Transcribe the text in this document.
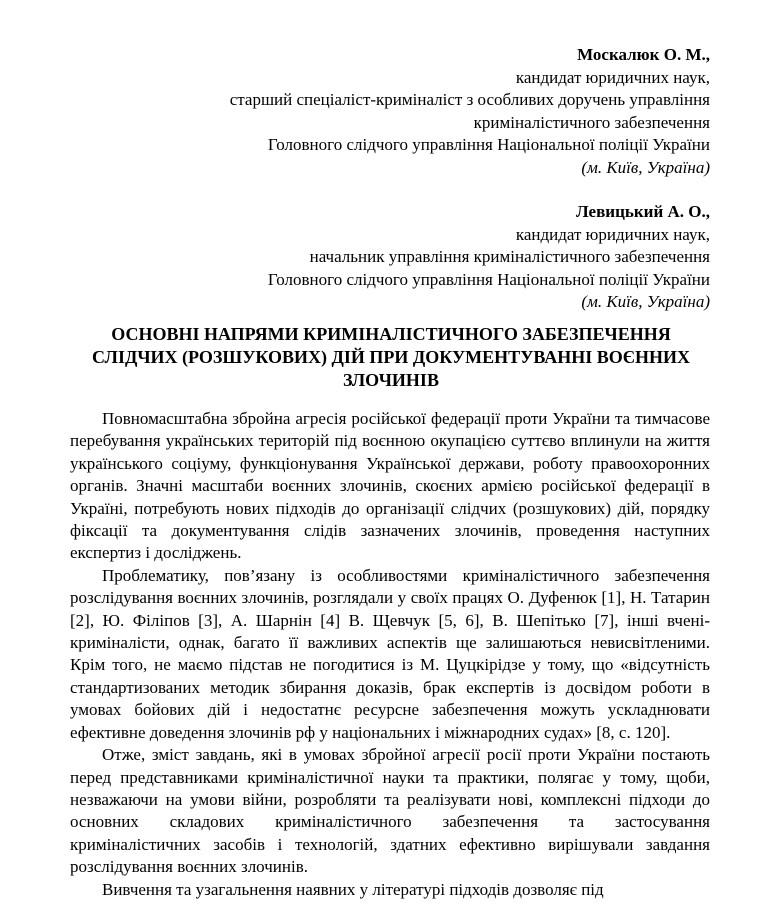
Москалюк О. М.,
кандидат юридичних наук,
старший спеціаліст-криміналіст з особливих доручень управління
криміналістичного забезпечення
Головного слідчого управління Національної поліції України
(м. Київ, Україна)
Левицький А. О.,
кандидат юридичних наук,
начальник управління криміналістичного забезпечення
Головного слідчого управління Національної поліції України
(м. Київ, Україна)
ОСНОВНІ НАПРЯМИ КРИМІНАЛІСТИЧНОГО ЗАБЕЗПЕЧЕННЯ СЛІДЧИХ (РОЗШУКОВИХ) ДІЙ ПРИ ДОКУМЕНТУВАННІ ВОЄННИХ ЗЛОЧИНІВ

Повномасштабна збройна агресія російської федерації проти України та тимчасове перебування українських територій під воєнною окупацією суттєво вплинули на життя українського соціуму, функціонування Української держави, роботу правоохоронних органів. Значні масштаби воєнних злочинів, скоєних армією російської федерації в Україні, потребують нових підходів до організації слідчих (розшукових) дій, порядку фіксації та документування слідів зазначених злочинів, проведення наступних експертиз і досліджень.

Проблематику, пов’язану із особливостями криміналістичного забезпечення розслідування воєнних злочинів, розглядали у своїх працях О. Дуфенюк [1], Н. Татарин [2], Ю. Філіпов [3], А. Шарнін [4] В. Щевчук [5, 6], В. Шепітько [7], інші вчені-криміналісти, однак, багато її важливих аспектів ще залишаються невисвітленими. Крім того, не маємо підстав не погодитися із М. Цуцкірідзе у тому, що «відсутність стандартизованих методик збирання доказів, брак експертів із досвідом роботи в умовах бойових дій і недостатнє ресурсне забезпечення можуть ускладнювати ефективне доведення злочинів рф у національних і міжнародних судах» [8, с. 120].

Отже, зміст завдань, які в умовах збройної агресії росії проти України постають перед представниками криміналістичної науки та практики, полягає у тому, щоби, незважаючи на умови війни, розробляти та реалізувати нові, комплексні підходи до основних складових криміналістичного забезпечення та застосування криміналістичних засобів і технологій, здатних ефективно вирішували завдання розслідування воєнних злочинів.

Вивчення та узагальнення наявних у літературі підходів дозволяє під
